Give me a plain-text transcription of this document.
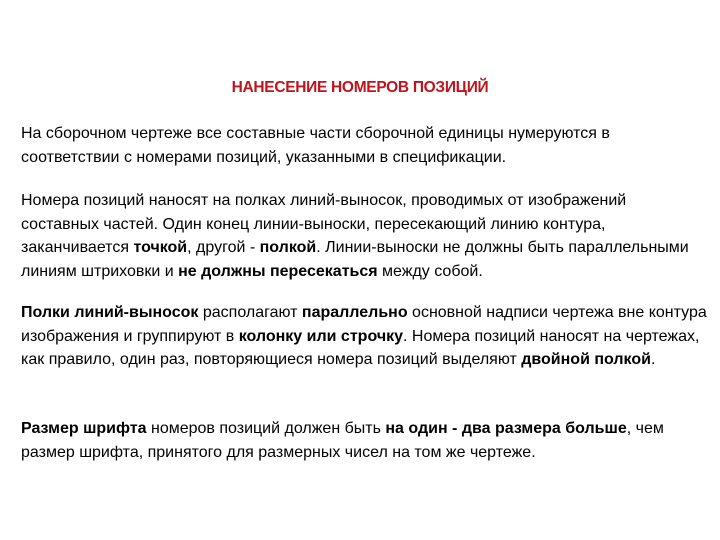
НАНЕСЕНИЕ НОМЕРОВ ПОЗИЦИЙ

На сборочном чертеже все составные части сборочной единицы нумеруются в соответствии с номерами позиций, указанными в спецификации.

Номера позиций наносят на полках линий-выносок, проводимых от изображений составных частей. Один конец линии-выноски, пересекающий линию контура, заканчивается точкой, другой - полкой. Линии-выноски не должны быть параллельными линиям штриховки и не должны пересекаться между собой.

Полки линий-выносок располагают параллельно основной надписи чертежа вне контура изображения и группируют в колонку или строчку. Номера позиций наносят на чертежах, как правило, один раз, повторяющиеся номера позиций выделяют двойной полкой.

Размер шрифта номеров позиций должен быть на один - два размера больше, чем размер шрифта, принятого для размерных чисел на том же чертеже.
